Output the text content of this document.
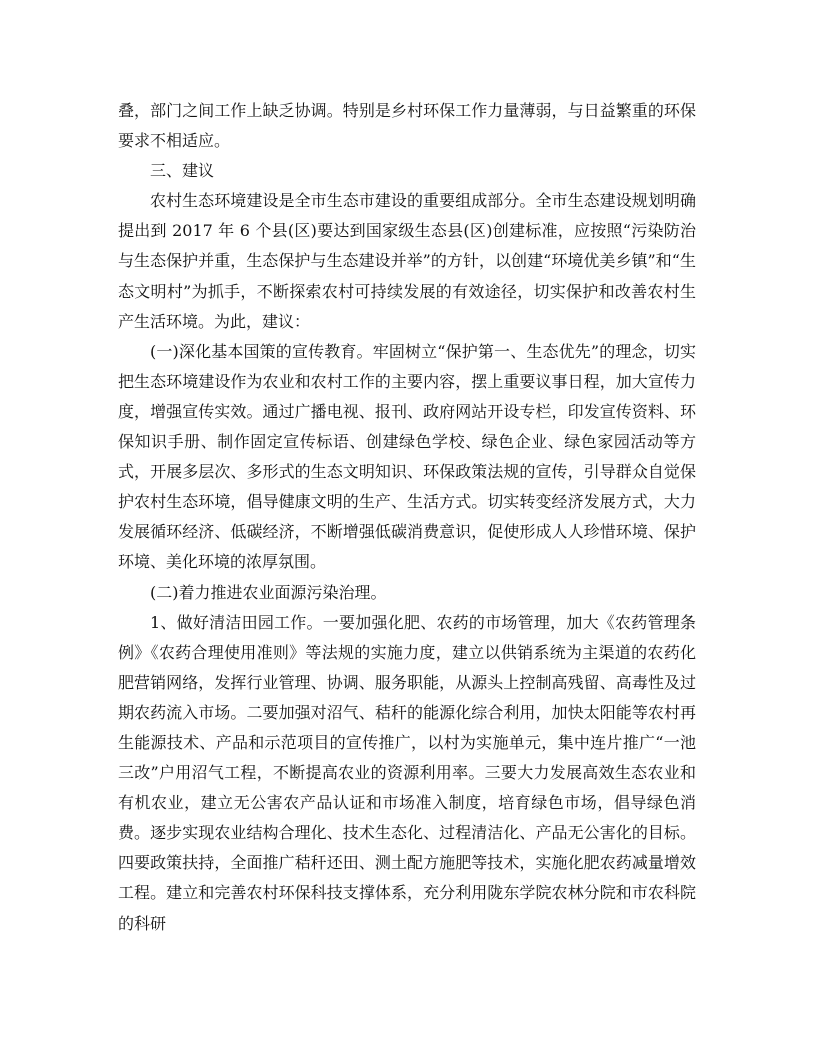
叠，部门之间工作上缺乏协调。特别是乡村环保工作力量薄弱，与日益繁重的环保要求不相适应。

三、建议

农村生态环境建设是全市生态市建设的重要组成部分。全市生态建设规划明确提出到 2017 年 6 个县(区)要达到国家级生态县(区)创建标准，应按照“污染防治与生态保护并重，生态保护与生态建设并举”的方针，以创建“环境优美乡镇”和“生态文明村”为抓手，不断探索农村可持续发展的有效途径，切实保护和改善农村生产生活环境。为此，建议：

(一)深化基本国策的宣传教育。牢固树立“保护第一、生态优先”的理念，切实把生态环境建设作为农业和农村工作的主要内容，摆上重要议事日程，加大宣传力度，增强宣传实效。通过广播电视、报刊、政府网站开设专栏，印发宣传资料、环保知识手册、制作固定宣传标语、创建绿色学校、绿色企业、绿色家园活动等方式，开展多层次、多形式的生态文明知识、环保政策法规的宣传，引导群众自觉保护农村生态环境，倡导健康文明的生产、生活方式。切实转变经济发展方式，大力发展循环经济、低碳经济，不断增强低碳消费意识，促使形成人人珍惜环境、保护环境、美化环境的浓厚氛围。

(二)着力推进农业面源污染治理。

1、做好清洁田园工作。一要加强化肥、农药的市场管理，加大《农药管理条例》《农药合理使用准则》等法规的实施力度，建立以供销系统为主渠道的农药化肥营销网络，发挥行业管理、协调、服务职能，从源头上控制高残留、高毒性及过期农药流入市场。二要加强对沼气、秸秆的能源化综合利用，加快太阳能等农村再生能源技术、产品和示范项目的宣传推广，以村为实施单元，集中连片推广“一池三改”户用沼气工程，不断提高农业的资源利用率。三要大力发展高效生态农业和有机农业，建立无公害农产品认证和市场准入制度，培育绿色市场，倡导绿色消费。逐步实现农业结构合理化、技术生态化、过程清洁化、产品无公害化的目标。四要政策扶持，全面推广秸秆还田、测土配方施肥等技术，实施化肥农药减量增效工程。建立和完善农村环保科技支撑体系，充分利用陇东学院农林分院和市农科院的科研
